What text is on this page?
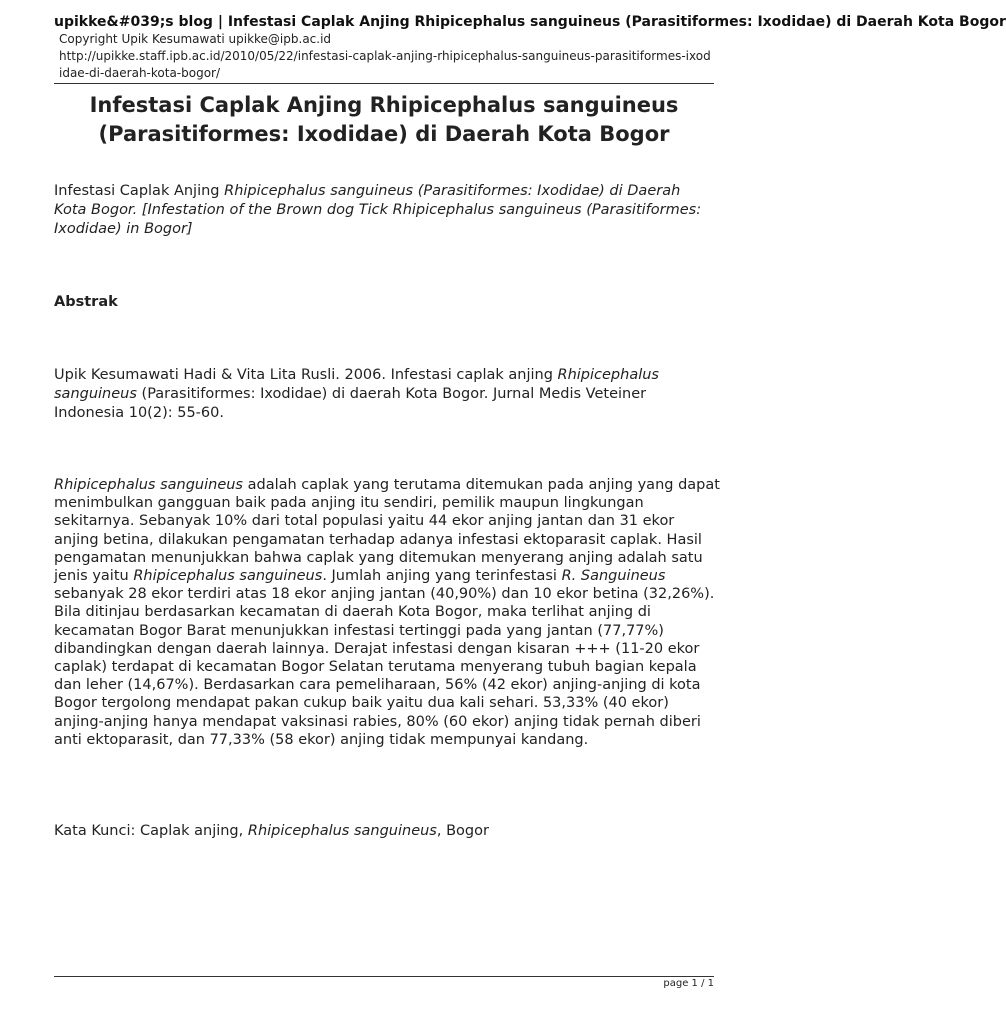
upikke&#039;s blog | Infestasi Caplak Anjing Rhipicephalus sanguineus (Parasitiformes: Ixodidae) di Daerah Kota Bogor
Copyright Upik Kesumawati upikke@ipb.ac.id
http://upikke.staff.ipb.ac.id/2010/05/22/infestasi-caplak-anjing-rhipicephalus-sanguineus-parasitiformes-ixodidae-di-daerah-kota-bogor/
Infestasi Caplak Anjing Rhipicephalus sanguineus
(Parasitiformes: Ixodidae) di Daerah Kota Bogor
Infestasi Caplak Anjing Rhipicephalus sanguineus (Parasitiformes: Ixodidae) di Daerah Kota Bogor. [Infestation of the Brown dog Tick Rhipicephalus sanguineus (Parasitiformes: Ixodidae) in Bogor]
Abstrak
Upik Kesumawati Hadi & Vita Lita Rusli. 2006. Infestasi caplak anjing Rhipicephalus sanguineus (Parasitiformes: Ixodidae) di daerah Kota Bogor. Jurnal Medis Veteiner Indonesia 10(2): 55-60.
Rhipicephalus sanguineus adalah caplak yang terutama ditemukan pada anjing yang dapat menimbulkan gangguan baik pada anjing itu sendiri, pemilik maupun lingkungan sekitarnya. Sebanyak 10% dari total populasi yaitu 44 ekor anjing jantan dan 31 ekor anjing betina, dilakukan pengamatan terhadap adanya infestasi ektoparasit caplak. Hasil pengamatan menunjukkan bahwa caplak yang ditemukan menyerang anjing adalah satu jenis yaitu Rhipicephalus sanguineus. Jumlah anjing yang terinfestasi R. Sanguineus sebanyak 28 ekor terdiri atas 18 ekor anjing jantan (40,90%) dan 10 ekor betina (32,26%). Bila ditinjau berdasarkan kecamatan di daerah Kota Bogor, maka terlihat anjing di kecamatan Bogor Barat menunjukkan infestasi tertinggi pada yang jantan (77,77%) dibandingkan dengan daerah lainnya. Derajat infestasi dengan kisaran +++ (11-20 ekor caplak) terdapat di kecamatan Bogor Selatan terutama menyerang tubuh bagian kepala dan leher (14,67%). Berdasarkan cara pemeliharaan, 56% (42 ekor) anjing-anjing di kota Bogor tergolong mendapat pakan cukup baik yaitu dua kali sehari. 53,33% (40 ekor) anjing-anjing hanya mendapat vaksinasi rabies, 80% (60 ekor) anjing tidak pernah diberi anti ektoparasit, dan 77,33% (58 ekor) anjing tidak mempunyai kandang.
Kata Kunci: Caplak anjing, Rhipicephalus sanguineus, Bogor
page 1 / 1
